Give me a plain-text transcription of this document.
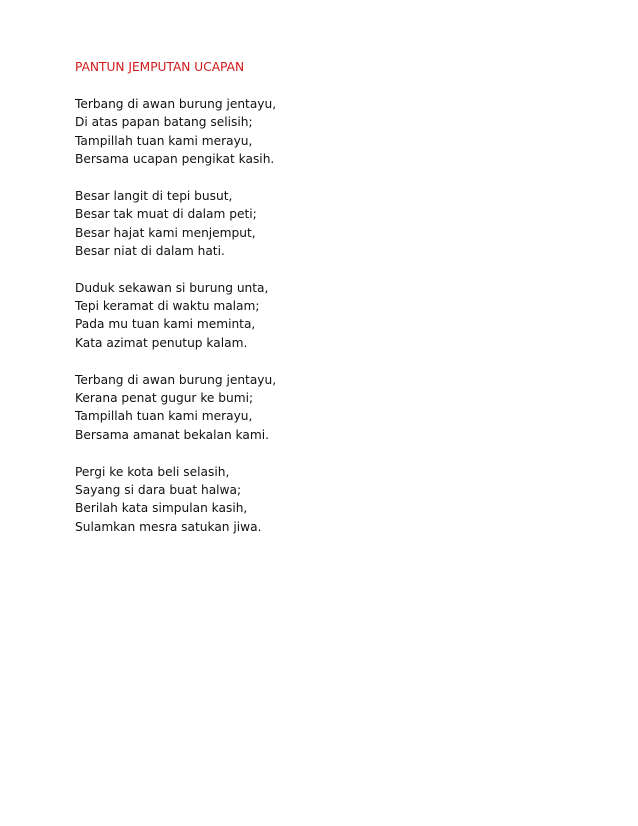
PANTUN JEMPUTAN UCAPAN
Terbang di awan burung jentayu,
Di atas papan batang selisih;
Tampillah tuan kami merayu,
Bersama ucapan pengikat kasih.
Besar langit di tepi busut,
Besar tak muat di dalam peti;
Besar hajat kami menjemput,
Besar niat di dalam hati.
Duduk sekawan si burung unta,
Tepi keramat di waktu malam;
Pada mu tuan kami meminta,
Kata azimat penutup kalam.
Terbang di awan burung jentayu,
Kerana penat gugur ke bumi;
Tampillah tuan kami merayu,
Bersama amanat bekalan kami.
Pergi ke kota beli selasih,
Sayang si dara buat halwa;
Berilah kata simpulan kasih,
Sulamkan mesra satukan jiwa.
